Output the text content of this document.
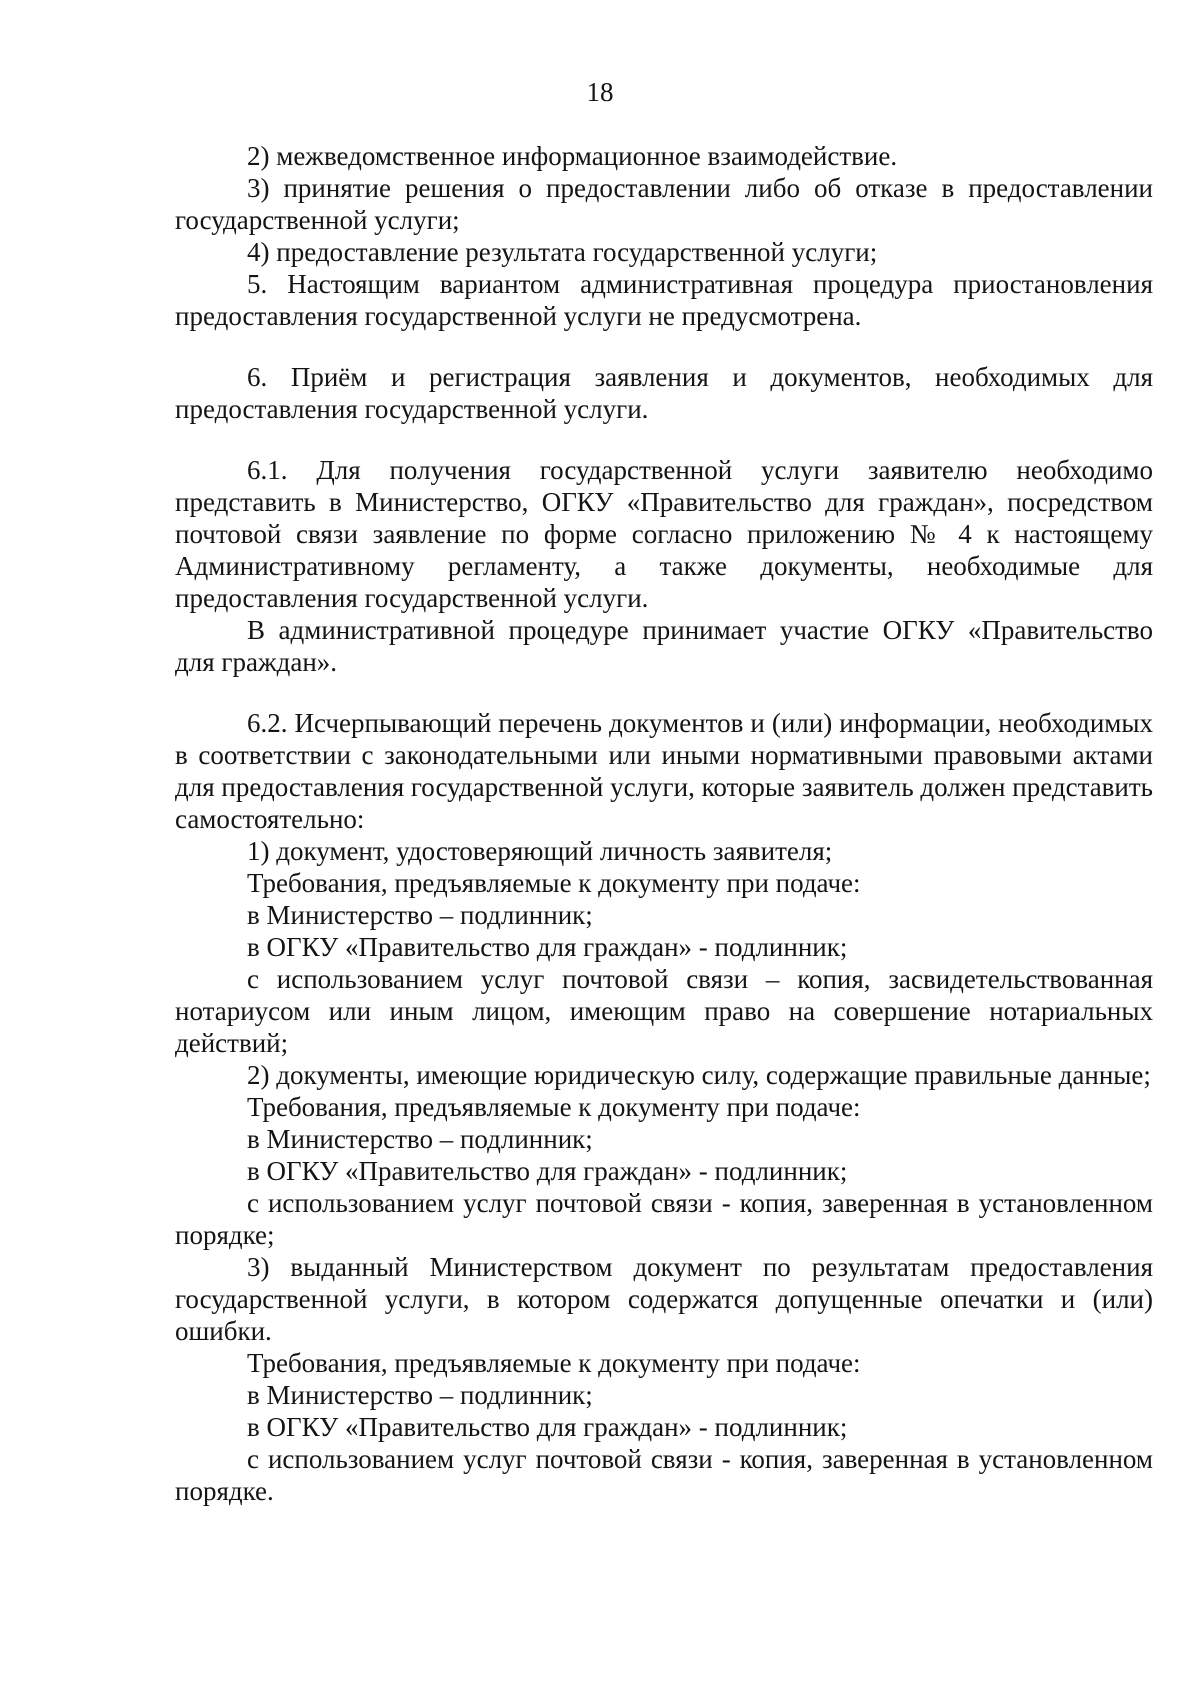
18

2) межведомственное информационное взаимодействие.

3) принятие решения о предоставлении либо об отказе в предоставлении государственной услуги;

4) предоставление результата государственной услуги;

5. Настоящим вариантом административная процедура приостановления предоставления государственной услуги не предусмотрена.

6. Приём и регистрация заявления и документов, необходимых для предоставления государственной услуги.

6.1. Для получения государственной услуги заявителю необходимо представить в Министерство, ОГКУ «Правительство для граждан», посредством почтовой связи заявление по форме согласно приложению № 4 к настоящему Административному регламенту, а также документы, необходимые для предоставления государственной услуги.

В административной процедуре принимает участие ОГКУ «Правительство для граждан».

6.2. Исчерпывающий перечень документов и (или) информации, необходимых в соответствии с законодательными или иными нормативными правовыми актами для предоставления государственной услуги, которые заявитель должен представить самостоятельно:

1) документ, удостоверяющий личность заявителя;

Требования, предъявляемые к документу при подаче:

в Министерство – подлинник;

в ОГКУ «Правительство для граждан» - подлинник;

с использованием услуг почтовой связи – копия, засвидетельствованная нотариусом или иным лицом, имеющим право на совершение нотариальных действий;

2) документы, имеющие юридическую силу, содержащие правильные данные;

Требования, предъявляемые к документу при подаче:

в Министерство – подлинник;

в ОГКУ «Правительство для граждан» - подлинник;

с использованием услуг почтовой связи - копия, заверенная в установленном порядке;

3) выданный Министерством документ по результатам предоставления государственной услуги, в котором содержатся допущенные опечатки и (или) ошибки.

Требования, предъявляемые к документу при подаче:

в Министерство – подлинник;

в ОГКУ «Правительство для граждан» - подлинник;

с использованием услуг почтовой связи - копия, заверенная в установленном порядке.
